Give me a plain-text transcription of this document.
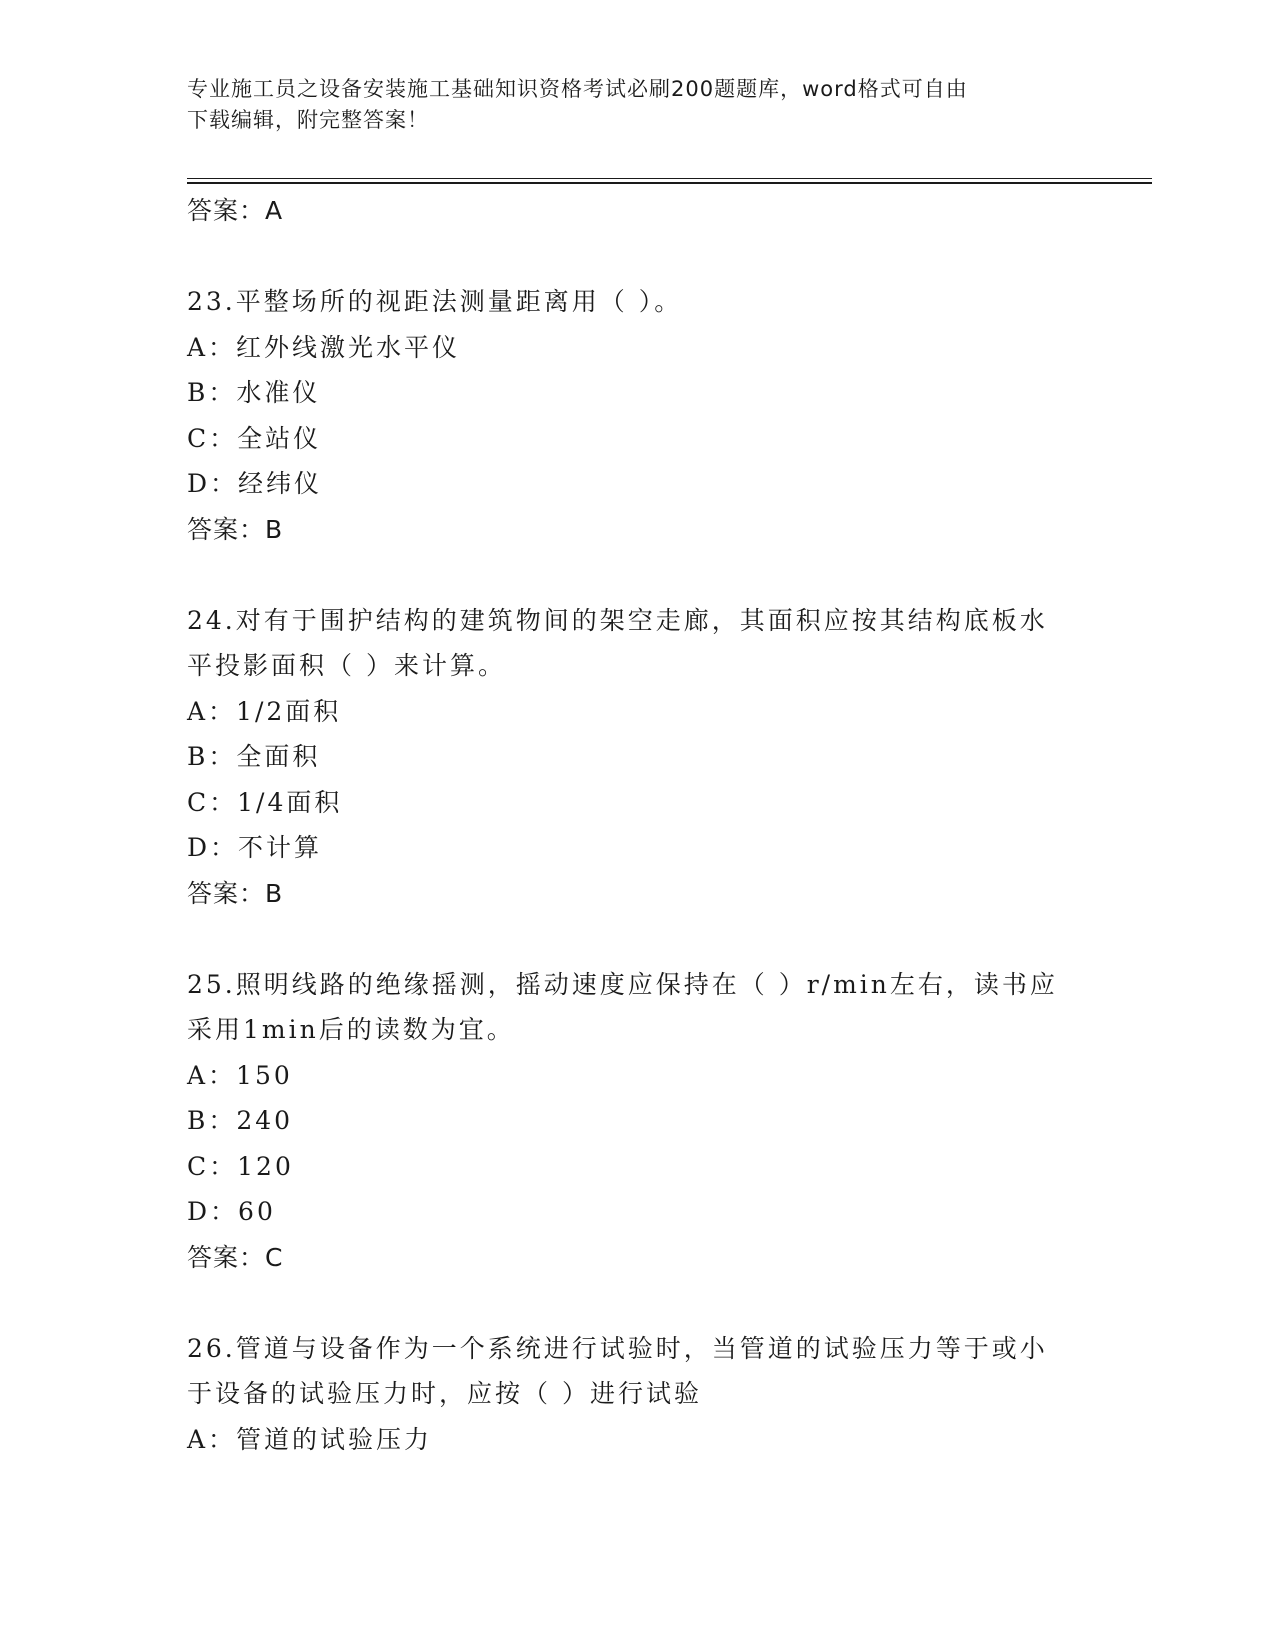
专业施工员之设备安装施工基础知识资格考试必刷200题题库，word格式可自由
下载编辑，附完整答案！
答案：A
23.平整场所的视距法测量距离用（ ）。
A：红外线激光水平仪
B：水准仪
C：全站仪
D：经纬仪
答案：B
24.对有于围护结构的建筑物间的架空走廊，其面积应按其结构底板水
平投影面积（ ）来计算。
A：1/2面积
B：全面积
C：1/4面积
D：不计算
答案：B
25.照明线路的绝缘摇测，摇动速度应保持在（ ）r/min左右，读书应
采用1min后的读数为宜。
A：150
B：240
C：120
D：60
答案：C
26.管道与设备作为一个系统进行试验时，当管道的试验压力等于或小
于设备的试验压力时，应按（ ）进行试验
A：管道的试验压力
